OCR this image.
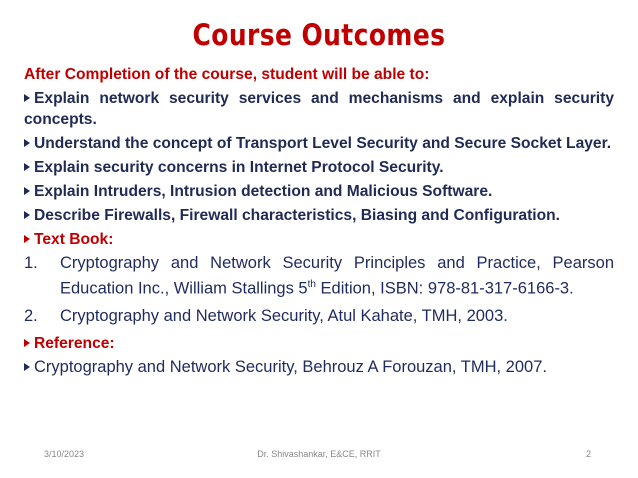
Course Outcomes
After Completion of the course, student will be able to:
Explain network security services and mechanisms and explain security concepts.
Understand the concept of Transport Level Security and Secure Socket Layer.
Explain security concerns in Internet Protocol Security.
Explain Intruders, Intrusion detection and Malicious Software.
Describe Firewalls, Firewall characteristics, Biasing and Configuration.
Text Book:
1.	Cryptography and Network Security Principles and Practice, Pearson Education Inc., William Stallings 5th Edition, ISBN: 978-81-317-6166-3.
2.	Cryptography and Network Security, Atul Kahate, TMH, 2003.
Reference:
Cryptography and Network Security, Behrouz A Forouzan, TMH, 2007.
3/10/2023	Dr. Shivashankar, E&CE, RRIT	2
